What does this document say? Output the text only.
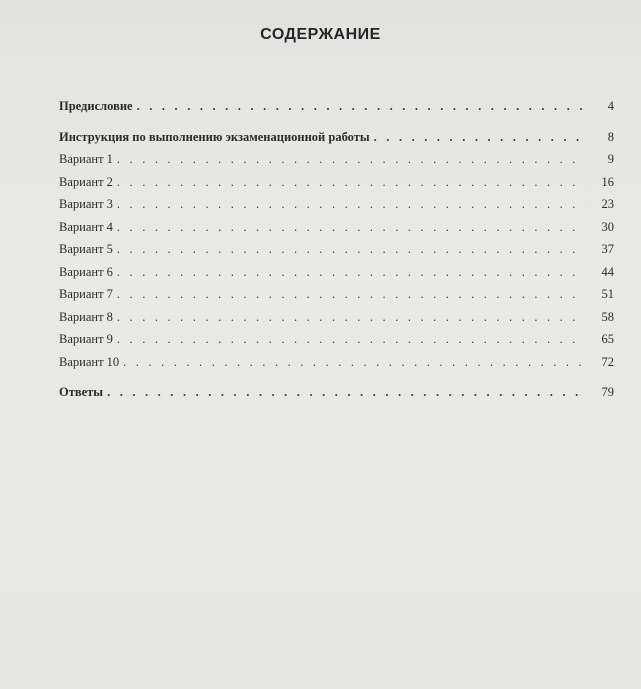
СОДЕРЖАНИЕ
Предисловие . . .	4
Инструкция по выполнению экзаменационной работы . . .	8
Вариант 1 . . .	9
Вариант 2 . . .	16
Вариант 3 . . .	23
Вариант 4 . . .	30
Вариант 5 . . .	37
Вариант 6 . . .	44
Вариант 7 . . .	51
Вариант 8 . . .	58
Вариант 9 . . .	65
Вариант 10 . . .	72
Ответы . . .	79
